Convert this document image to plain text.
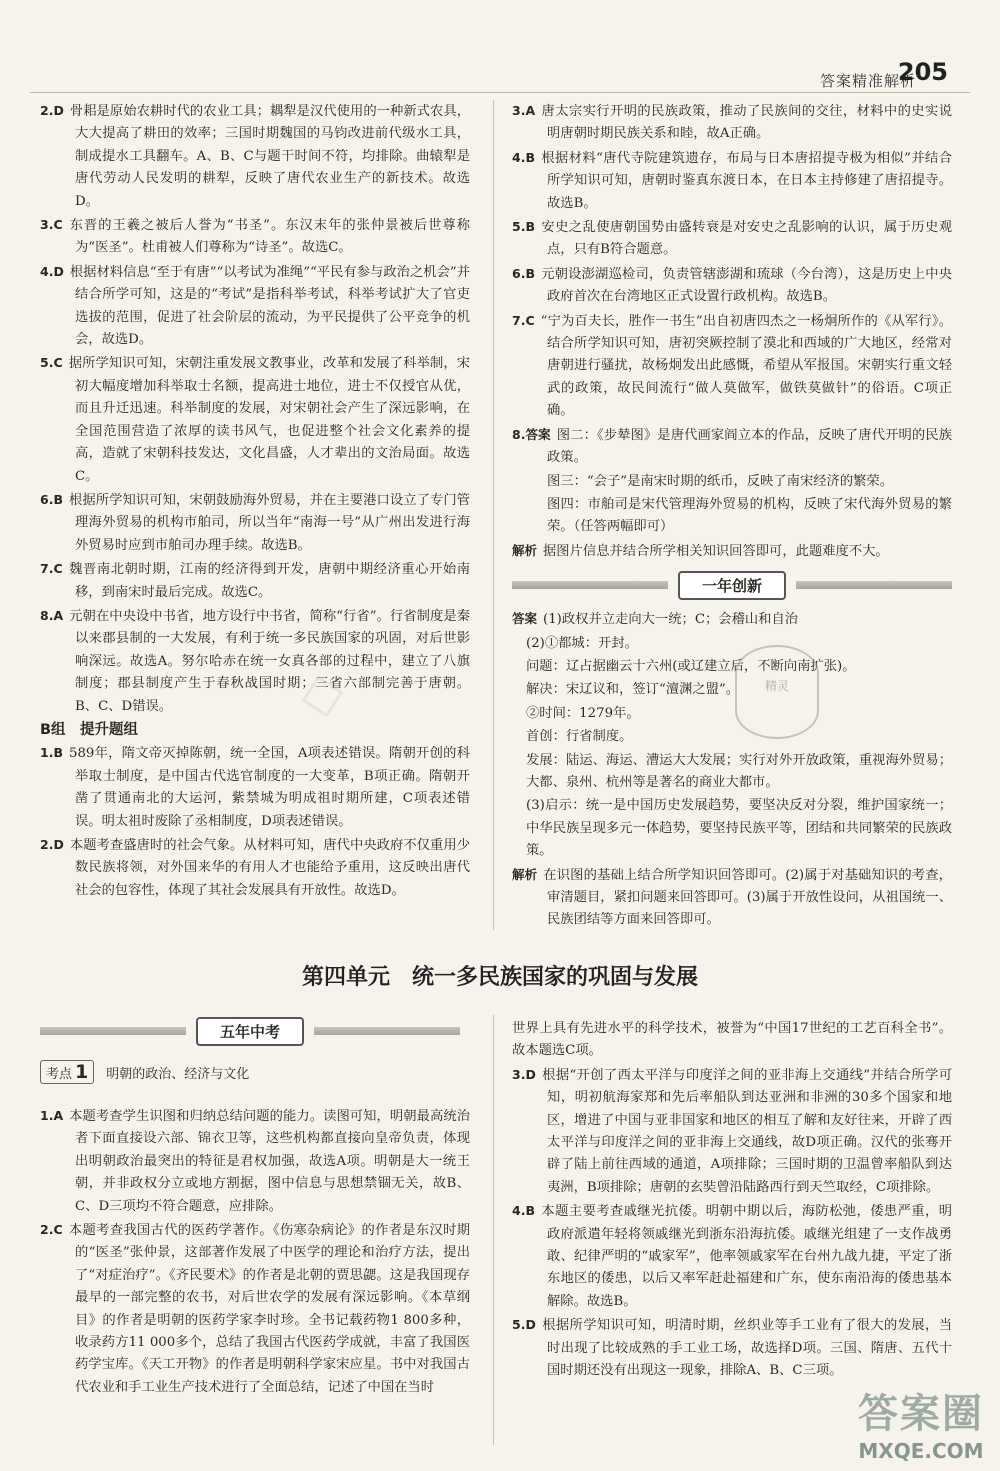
答案精准解析
205

2.D 骨耜是原始农耕时代的农业工具；耦犁是汉代使用的一种新式农具，大大提高了耕田的效率；三国时期魏国的马钧改进前代级水工具，制成提水工具翻车。A、B、C与题干时间不符，均排除。曲辕犁是唐代劳动人民发明的耕犁，反映了唐代农业生产的新技术。故选D。

3.C 东晋的王羲之被后人誉为“书圣”。东汉末年的张仲景被后世尊称为“医圣”。杜甫被人们尊称为“诗圣”。故选C。

4.D 根据材料信息“至于有唐”“以考试为准绳”“平民有参与政治之机会”并结合所学可知，这是的“考试”是指科举考试，科举考试扩大了官吏选拔的范围，促进了社会阶层的流动，为平民提供了公平竞争的机会，故选D。

5.C 据所学知识可知，宋朝注重发展文教事业，改革和发展了科举制，宋初大幅度增加科举取士名额，提高进士地位，进士不仅授官从优，而且升迁迅速。科举制度的发展，对宋朝社会产生了深远影响，在全国范围营造了浓厚的读书风气，也促进整个社会文化素养的提高，造就了宋朝科技发达，文化昌盛，人才辈出的文治局面。故选C。

6.B 根据所学知识可知，宋朝鼓励海外贸易，并在主要港口设立了专门管理海外贸易的机构市舶司，所以当年“南海一号”从广州出发进行海外贸易时应到市舶司办理手续。故选B。

7.C 魏晋南北朝时期，江南的经济得到开发，唐朝中期经济重心开始南移，到南宋时最后完成。故选C。

8.A 元朝在中央设中书省，地方设行中书省，简称“行省”。行省制度是秦以来郡县制的一大发展，有利于统一多民族国家的巩固，对后世影响深远。故选A。努尔哈赤在统一女真各部的过程中，建立了八旗制度；郡县制度产生于春秋战国时期；三省六部制完善于唐朝。B、C、D错误。

B组　提升题组

1.B 589年，隋文帝灭掉陈朝，统一全国，A项表述错误。隋朝开创的科举取士制度，是中国古代选官制度的一大变革，B项正确。隋朝开凿了贯通南北的大运河，紫禁城为明成祖时期所建，C项表述错误。明太祖时废除了丞相制度，D项表述错误。

2.D 本题考查盛唐时的社会气象。从材料可知，唐代中央政府不仅重用少数民族将领，对外国来华的有用人才也能给予重用，这反映出唐代社会的包容性，体现了其社会发展具有开放性。故选D。

3.A 唐太宗实行开明的民族政策，推动了民族间的交往，材料中的史实说明唐朝时期民族关系和睦，故A正确。

4.B 根据材料“唐代寺院建筑遗存，布局与日本唐招提寺极为相似”并结合所学知识可知，唐朝时鉴真东渡日本，在日本主持修建了唐招提寺。故选B。

5.B 安史之乱使唐朝国势由盛转衰是对安史之乱影响的认识，属于历史观点，只有B符合题意。

6.B 元朝设澎湖巡检司，负责管辖澎湖和琉球（今台湾），这是历史上中央政府首次在台湾地区正式设置行政机构。故选B。

7.C “宁为百夫长，胜作一书生”出自初唐四杰之一杨炯所作的《从军行》。结合所学知识可知，唐初突厥控制了漠北和西域的广大地区，经常对唐朝进行骚扰，故杨炯发出此感慨，希望从军报国。宋朝实行重文轻武的政策，故民间流行“做人莫做军，做铁莫做针”的俗语。C项正确。

8.答案 图二：《步辇图》是唐代画家阎立本的作品，反映了唐代开明的民族政策。

图三：“会子”是南宋时期的纸币，反映了南宋经济的繁荣。

图四：市舶司是宋代管理海外贸易的机构，反映了宋代海外贸易的繁荣。（任答两幅即可）

解析 据图片信息并结合所学相关知识回答即可，此题难度不大。

答案 (1)政权并立走向大一统；C；会稽山和自治

(2)①都城：开封。

问题：辽占据幽云十六州(或辽建立后，不断向南扩张)。

解决：宋辽议和，签订“澶渊之盟”。

②时间：1279年。

首创：行省制度。

发展：陆运、海运、漕运大大发展；实行对外开放政策，重视海外贸易；大都、泉州、杭州等是著名的商业大都市。

(3)启示：统一是中国历史发展趋势，要坚决反对分裂，维护国家统一；中华民族呈现多元一体趋势，要坚持民族平等，团结和共同繁荣的民族政策。

解析 在识图的基础上结合所学知识回答即可。(2)属于对基础知识的考查，审清题目，紧扣问题来回答即可。(3)属于开放性设问，从祖国统一、民族团结等方面来回答即可。

一年创新
精灵
第四单元　统一多民族国家的巩固与发展
五年中考
考点 1	明朝的政治、经济与文化

1.A 本题考查学生识图和归纳总结问题的能力。读图可知，明朝最高统治者下面直接设六部、锦衣卫等，这些机构都直接向皇帝负责，体现出明朝政治最突出的特征是君权加强，故选A项。明朝是大一统王朝，并非政权分立或地方割据，图中信息与思想禁锢无关，故B、C、D三项均不符合题意，应排除。

2.C 本题考查我国古代的医药学著作。《伤寒杂病论》的作者是东汉时期的“医圣”张仲景，这部著作发展了中医学的理论和治疗方法，提出了“对症治疗”。《齐民要术》的作者是北朝的贾思勰。这是我国现存最早的一部完整的农书，对后世农学的发展有深远影响。《本草纲目》的作者是明朝的医药学家李时珍。全书记载药物1 800多种，收录药方11 000多个，总结了我国古代医药学成就，丰富了我国医药学宝库。《天工开物》的作者是明朝科学家宋应星。书中对我国古代农业和手工业生产技术进行了全面总结，记述了中国在当时

世界上具有先进水平的科学技术，被誉为“中国17世纪的工艺百科全书”。故本题选C项。

3.D 根据“开创了西太平洋与印度洋之间的亚非海上交通线”并结合所学可知，明初航海家郑和先后率船队到达亚洲和非洲的30多个国家和地区，增进了中国与亚非国家和地区的相互了解和友好往来，开辟了西太平洋与印度洋之间的亚非海上交通线，故D项正确。汉代的张骞开辟了陆上前往西域的通道，A项排除；三国时期的卫温曾率船队到达夷洲，B项排除；唐朝的玄奘曾沿陆路西行到天竺取经，C项排除。

4.B 本题主要考查戚继光抗倭。明朝中期以后，海防松弛，倭患严重，明政府派遣年轻将领戚继光到浙东沿海抗倭。戚继光组建了一支作战勇敢、纪律严明的“戚家军”，他率领戚家军在台州九战九捷，平定了浙东地区的倭患，以后又率军赶赴福建和广东，使东南沿海的倭患基本解除。故选B。

5.D 根据所学知识可知，明清时期，丝织业等手工业有了很大的发展，当时出现了比较成熟的手工业工场，故选择D项。三国、隋唐、五代十国时期还没有出现这一现象，排除A、B、C三项。

◇
答案圈
MXQE.COM
